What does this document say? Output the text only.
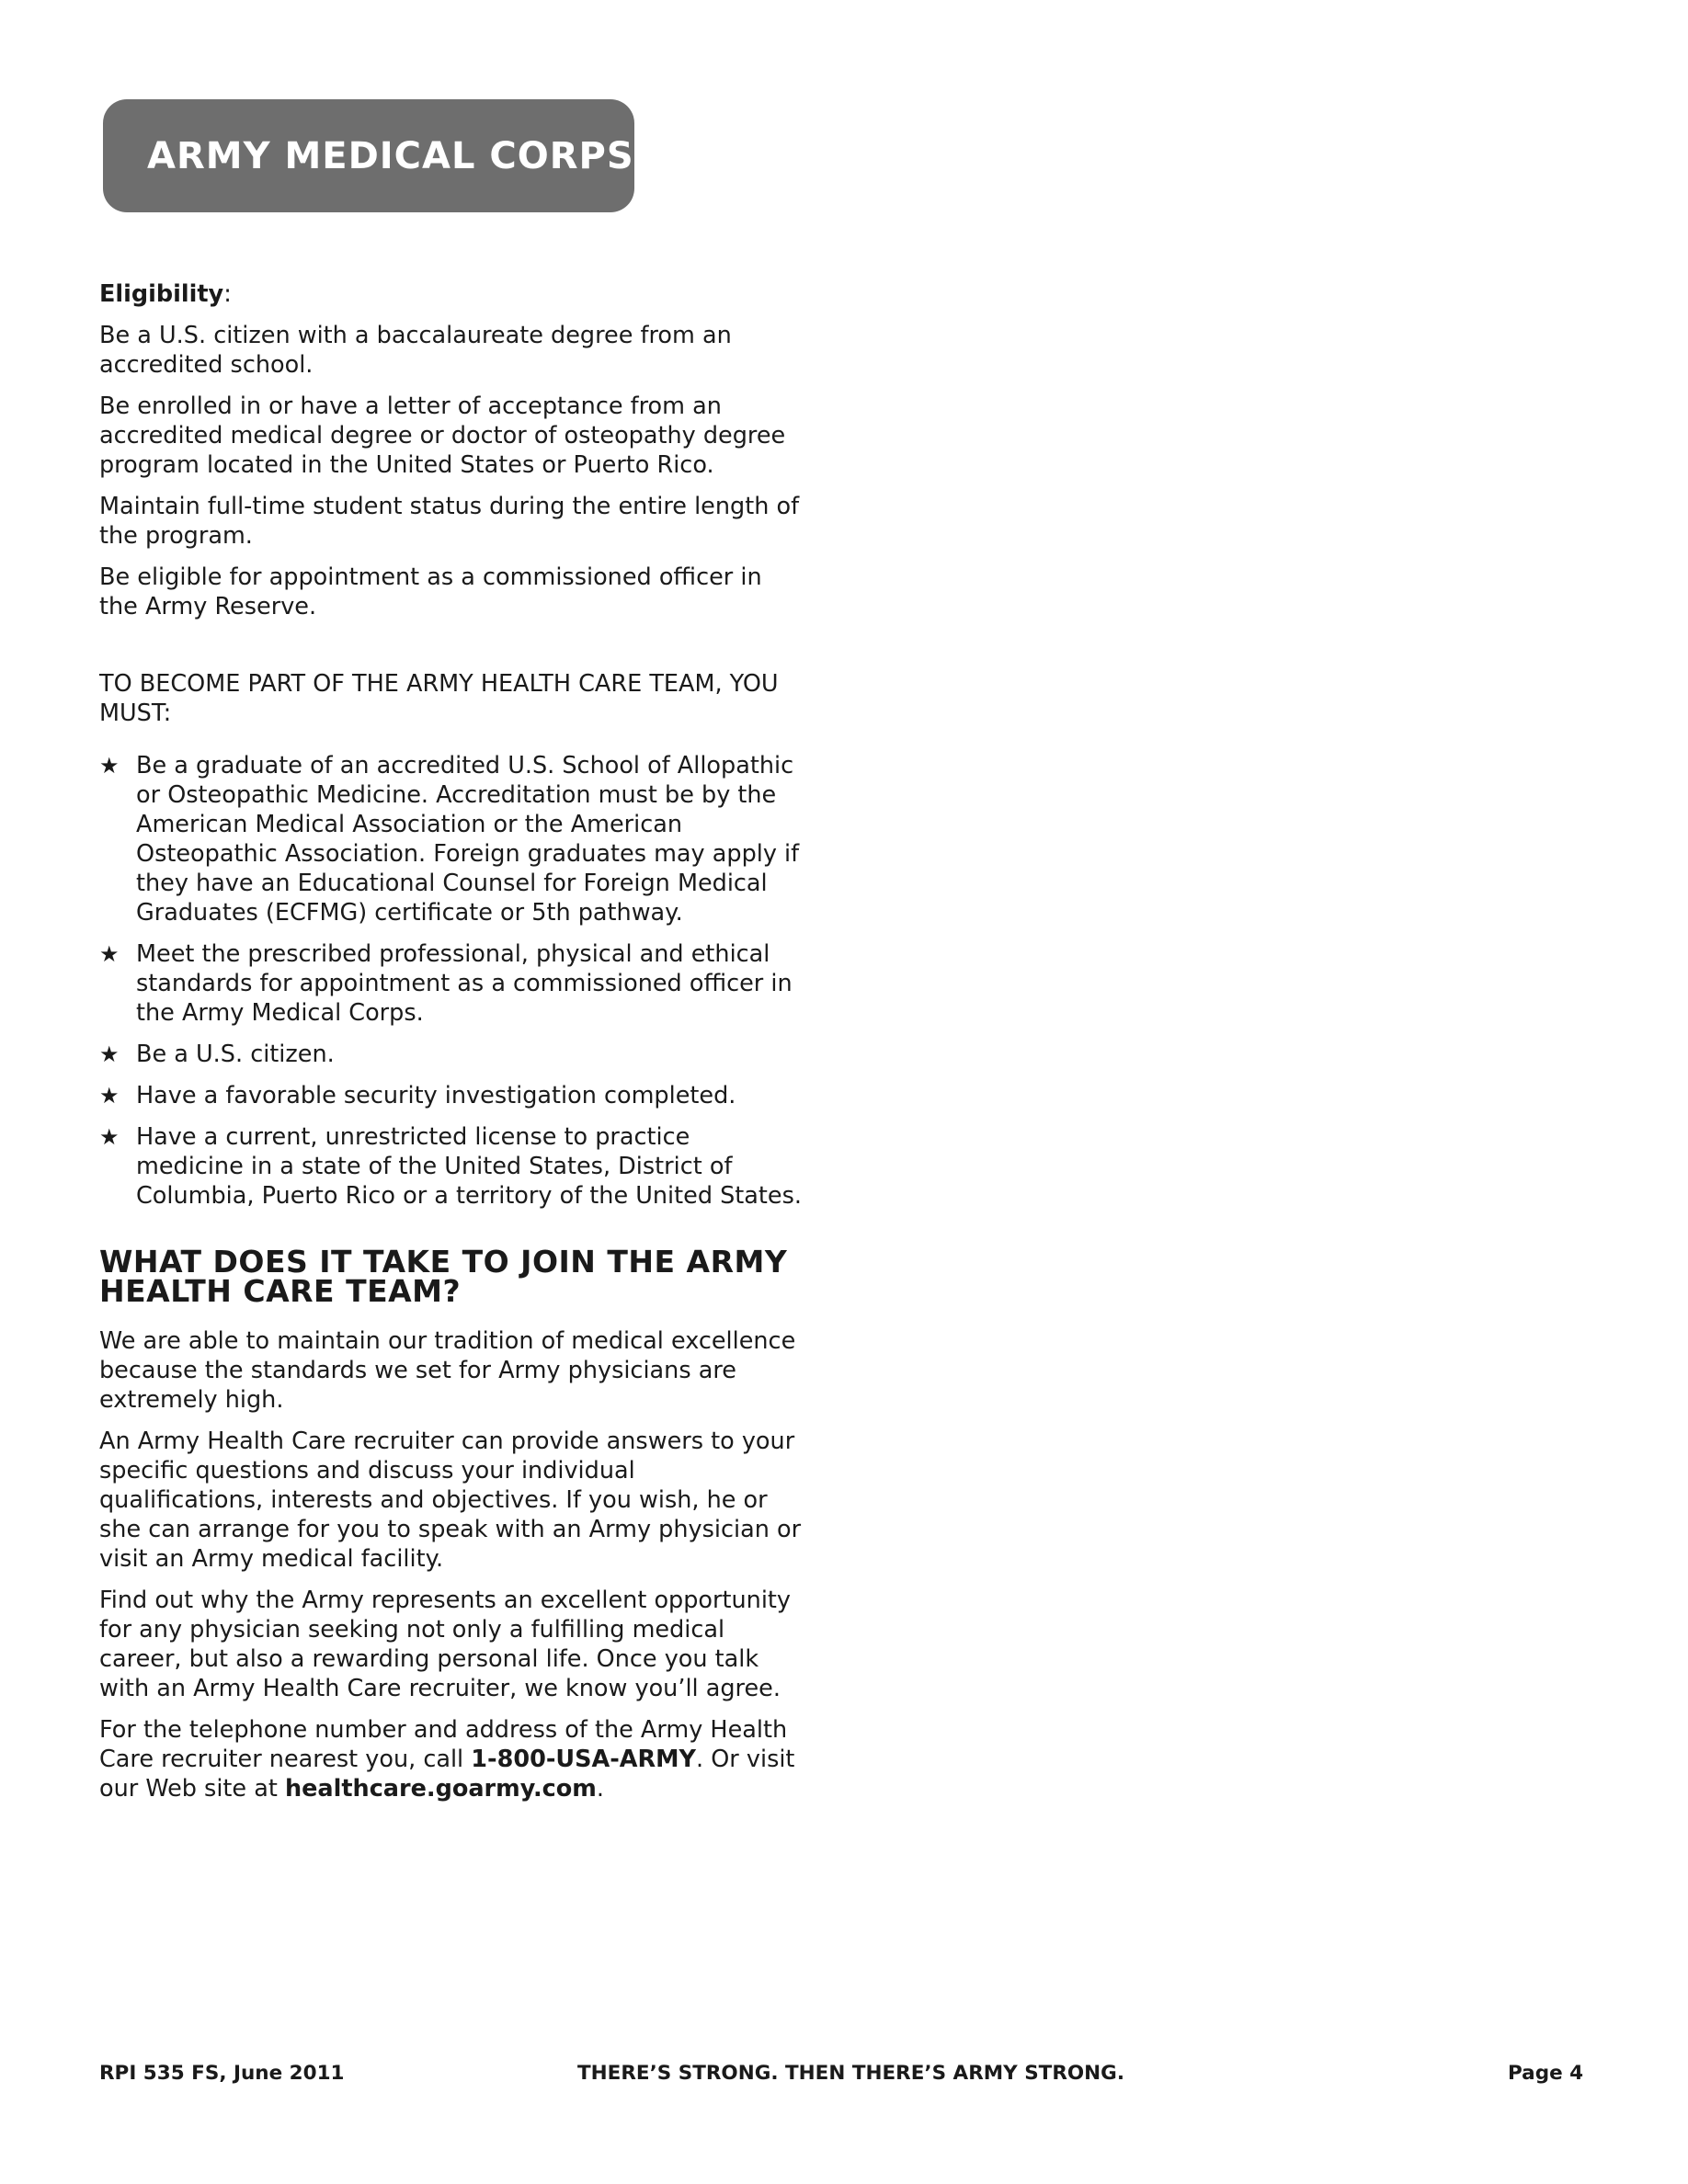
ARMY MEDICAL CORPS

Eligibility:

Be a U.S. citizen with a baccalaureate degree from an accredited school.

Be enrolled in or have a letter of acceptance from an accredited medical degree or doctor of osteopathy degree program located in the United States or Puerto Rico.

Maintain full-time student status during the entire length of the program.

Be eligible for appointment as a commissioned officer in the Army Reserve.

TO BECOME PART OF THE ARMY HEALTH CARE TEAM, YOU MUST:

★ Be a graduate of an accredited U.S. School of Allopathic or Osteopathic Medicine. Accreditation must be by the American Medical Association or the American Osteopathic Association. Foreign graduates may apply if they have an Educational Counsel for Foreign Medical Graduates (ECFMG) certificate or 5th pathway.
★ Meet the prescribed professional, physical and ethical standards for appointment as a commissioned officer in the Army Medical Corps.
★ Be a U.S. citizen.
★ Have a favorable security investigation completed.
★ Have a current, unrestricted license to practice medicine in a state of the United States, District of Columbia, Puerto Rico or a territory of the United States.
WHAT DOES IT TAKE TO JOIN THE ARMY HEALTH CARE TEAM?

We are able to maintain our tradition of medical excellence because the standards we set for Army physicians are extremely high.

An Army Health Care recruiter can provide answers to your specific questions and discuss your individual qualifications, interests and objectives. If you wish, he or she can arrange for you to speak with an Army physician or visit an Army medical facility.

Find out why the Army represents an excellent opportunity for any physician seeking not only a fulfilling medical career, but also a rewarding personal life. Once you talk with an Army Health Care recruiter, we know you’ll agree.

For the telephone number and address of the Army Health Care recruiter nearest you, call 1-800-USA-ARMY. Or visit our Web site at healthcare.goarmy.com.

RPI 535 FS, June 2011	THERE’S STRONG. THEN THERE’S ARMY STRONG.	Page 4
